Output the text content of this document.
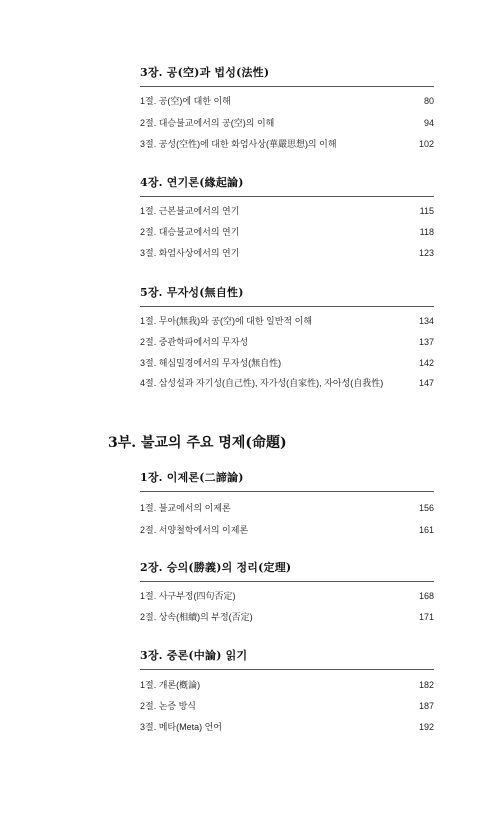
3장. 공(空)과 법성(法性)
1절. 공(空)에 대한 이해	80
2절. 대승불교에서의 공(空)의 이해	94
3절. 공성(空性)에 대한 화엄사상(華嚴思想)의 이해	102
4장. 연기론(緣起論)
1절. 근본불교에서의 연기	115
2절. 대승불교에서의 연기	118
3절. 화엄사상에서의 연기	123
5장. 무자성(無自性)
1절. 무아(無我)와 공(空)에 대한 일반적 이해	134
2절. 중관학파에서의 무자성	137
3절. 해심밀경에서의 무자성(無自性)	142
4절. 삼성설과 자기성(自己性), 자가성(自家性), 자아성(自我性)	147
3부. 불교의 주요 명제(命題)
1장. 이제론(二諦論)
1절. 불교에서의 이제론	156
2절. 서양철학에서의 이제론	161
2장. 승의(勝義)의 정리(定理)
1절. 사구부정(四句否定)	168
2절. 상속(相續)의 부정(否定)	171
3장. 중론(中論) 읽기
1절. 개론(槪論)	182
2절. 논증 방식	187
3절. 메타(Meta) 언어	192
